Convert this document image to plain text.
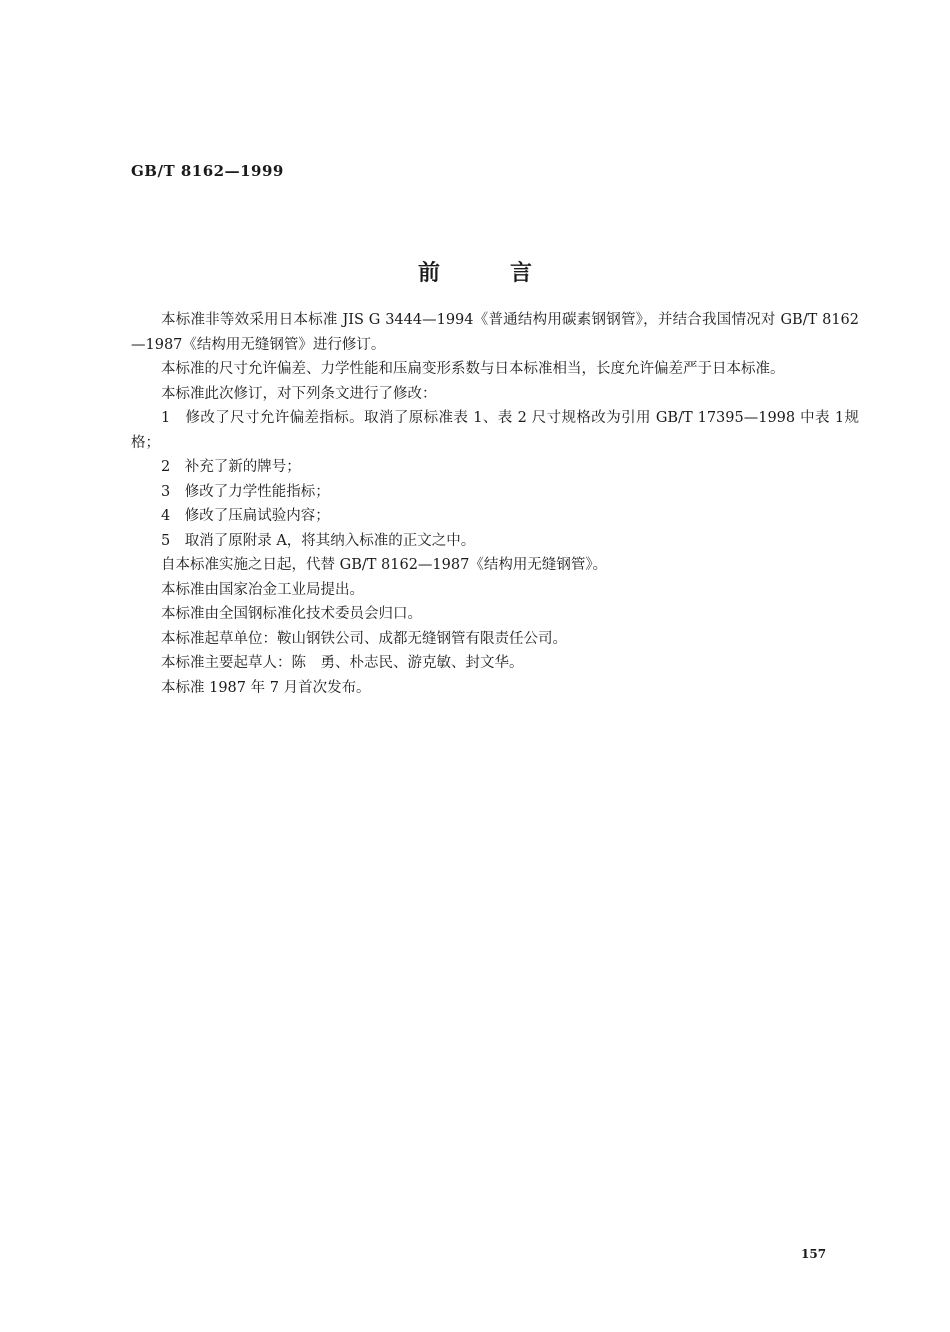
GB/T 8162—1999
前言

本标准非等效采用日本标准 JIS G 3444—1994《普通结构用碳素钢钢管》，并结合我国情况对 GB/T 8162—1987《结构用无缝钢管》进行修订。

本标准的尺寸允许偏差、力学性能和压扁变形系数与日本标准相当，长度允许偏差严于日本标准。

本标准此次修订，对下列条文进行了修改：

1　修改了尺寸允许偏差指标。取消了原标准表 1、表 2 尺寸规格改为引用 GB/T 17395—1998 中表 1规格；

2　补充了新的牌号；

3　修改了力学性能指标；

4　修改了压扁试验内容；

5　取消了原附录 A，将其纳入标准的正文之中。

自本标准实施之日起，代替 GB/T 8162—1987《结构用无缝钢管》。

本标准由国家冶金工业局提出。

本标准由全国钢标准化技术委员会归口。

本标准起草单位：鞍山钢铁公司、成都无缝钢管有限责任公司。

本标准主要起草人：陈　勇、朴志民、游克敏、封文华。

本标准 1987 年 7 月首次发布。

157
